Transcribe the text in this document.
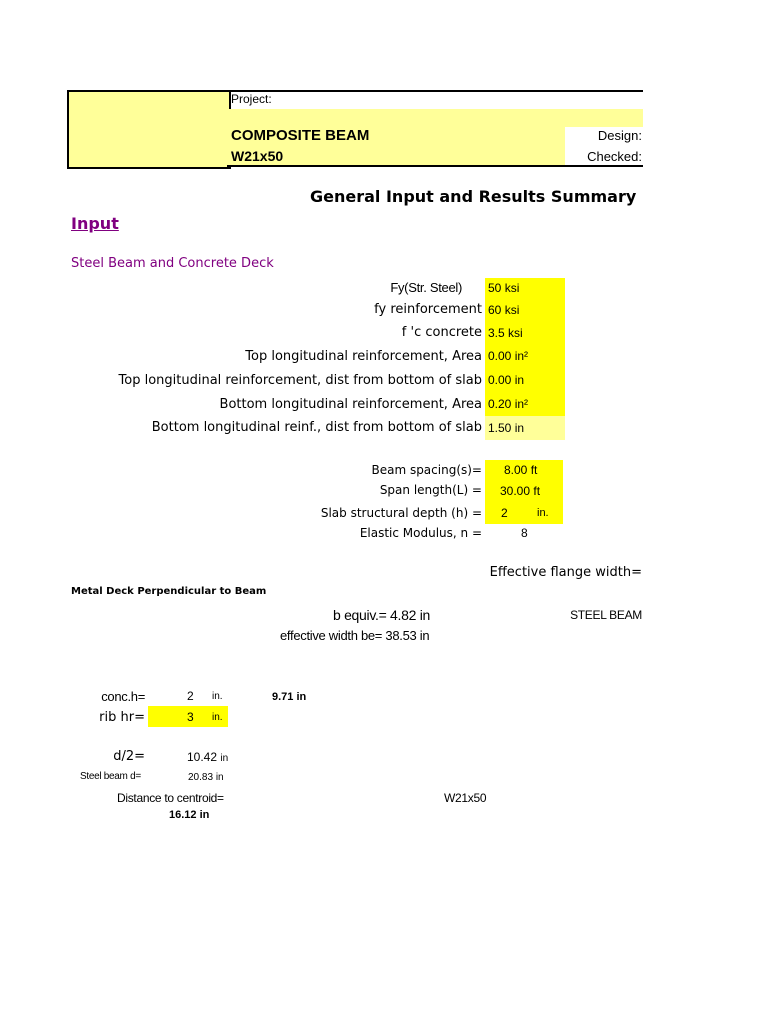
Project:
COMPOSITE BEAM
W21x50
Design:
Checked:
General Input and Results Summary
Input
Steel Beam and Concrete Deck
Fy(Str. Steel) 50 ksi
fy reinforcement 60 ksi
f 'c concrete 3.5 ksi
Top longitudinal reinforcement, Area 0.00 in²
Top longitudinal reinforcement, dist from bottom of slab 0.00 in
Bottom longitudinal reinforcement, Area 0.20 in²
Bottom longitudinal reinf., dist from bottom of slab 1.50 in
Beam spacing(s)= 8.00 ft
Span length(L) = 30.00 ft
Slab structural depth (h) = 2	in.
Elastic Modulus, n =	8
Effective flange width=
Metal Deck Perpendicular to Beam
b equiv.= 4.82 in
effective width be= 38.53 in
STEEL BEAM
conc.h=	2 in.	9.71 in
rib hr=	3 in.
d/2=	10.42 in
Steel beam d=	20.83 in
Distance to centroid=	W21x50
16.12 in
